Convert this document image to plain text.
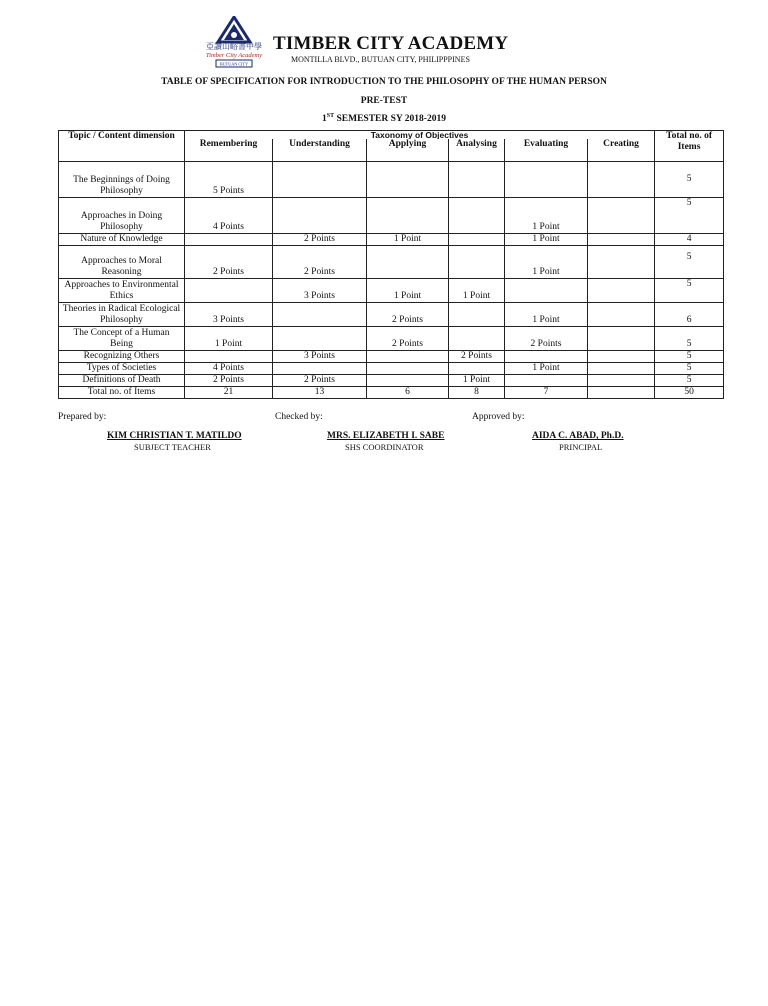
亞讀山峪書中學
Timber City Academy
BUTUAN CITY
TIMBER CITY ACADEMY
MONTILLA BLVD., BUTUAN CITY, PHILIPPPINES
TABLE OF SPECIFICATION FOR INTRODUCTION TO THE PHILOSOPHY OF THE HUMAN PERSON
PRE-TEST
1ST SEMESTER SY 2018-2019
Topic / Content dimension	Taxonomy of Objectives						Total no. of Items
	Remembering	Understanding	Applying	Analysing	Evaluating	Creating	
The Beginnings of Doing Philosophy	5 Points						5
Approaches in Doing Philosophy	4 Points				1 Point		5
Nature of Knowledge		2 Points	1 Point		1 Point		4
Approaches to Moral Reasoning	2 Points	2 Points			1 Point		5
Approaches to Environmental Ethics		3 Points	1 Point	1 Point			5
Theories in Radical Ecological Philosophy	3 Points		2 Points		1 Point		6
The Concept of a Human Being	1 Point		2 Points		2 Points		5
Recognizing Others		3 Points		2 Points			5
Types of Societies	4 Points				1 Point		5
Definitions of Death	2 Points	2 Points		1 Point			5
Total no. of Items	21	13	6	8	7		50
Prepared by:	Checked by:	Approved by:
KIM CHRISTIAN T. MATILDO
SUBJECT TEACHER
MRS. ELIZABETH I. SABE
SHS COORDINATOR
AIDA C. ABAD, Ph.D.
PRINCIPAL
